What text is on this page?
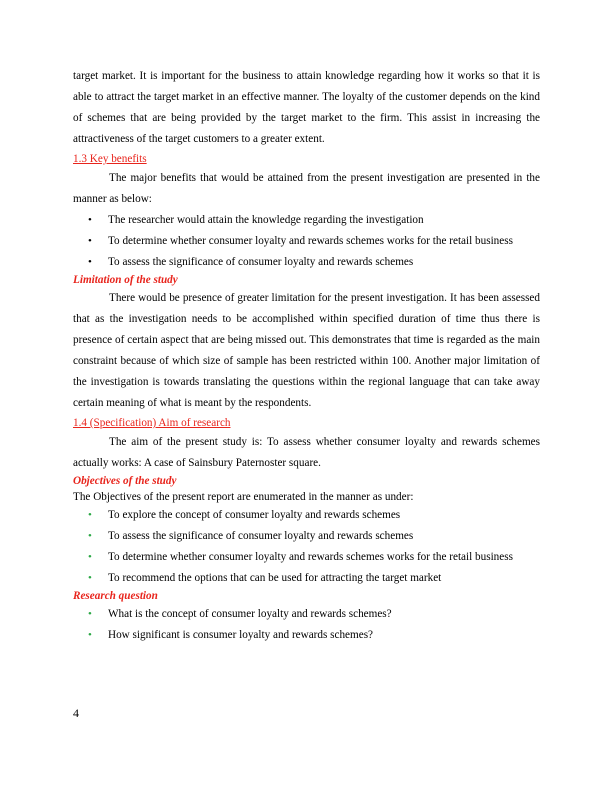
target market. It is important for the business to attain knowledge regarding how it works so that it is able to attract the target market in an effective manner. The loyalty of the customer depends on the kind of schemes that are being provided by the target market to the firm. This assist in increasing the attractiveness of the target customers to a greater extent.

1.3 Key benefits

The major benefits that would be attained from the present investigation are presented in the manner as below:

• The researcher would attain the knowledge regarding the investigation
• To determine whether consumer loyalty and rewards schemes works for the retail business
• To assess the significance of consumer loyalty and rewards schemes
Limitation of the study

There would be presence of greater limitation for the present investigation. It has been assessed that as the investigation needs to be accomplished within specified duration of time thus there is presence of certain aspect that are being missed out. This demonstrates that time is regarded as the main constraint because of which size of sample has been restricted within 100. Another major limitation of the investigation is towards translating the questions within the regional language that can take away certain meaning of what is meant by the respondents.

1.4 (Specification) Aim of research

The aim of the present study is: To assess whether consumer loyalty and rewards schemes actually works: A case of Sainsbury Paternoster square.

Objectives of the study

The Objectives of the present report are enumerated in the manner as under:

• To explore the concept of consumer loyalty and rewards schemes
• To assess the significance of consumer loyalty and rewards schemes
• To determine whether consumer loyalty and rewards schemes works for the retail business
• To recommend the options that can be used for attracting the target market
Research question
• What is the concept of consumer loyalty and rewards schemes?
• How significant is consumer loyalty and rewards schemes?
4
